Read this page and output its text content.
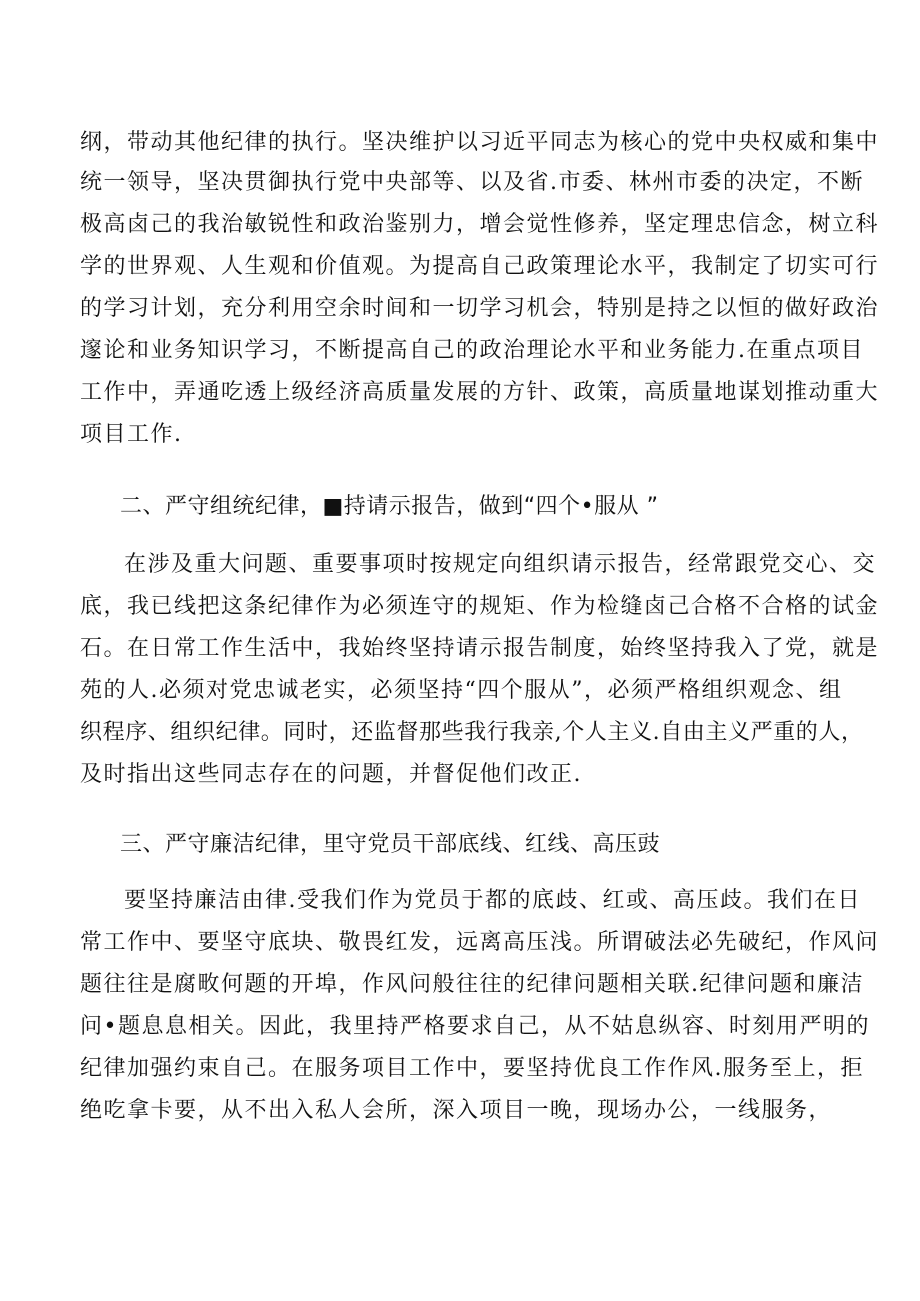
纲，带动其他纪律的执行。坚决维护以习近平同志为核心的党中央权威和集中
统一领导，坚决贯御执行党中央部等、以及省.市委、林州市委的决定，不断
极高卤己的我治敏锐性和政治鉴别力，增会觉性修养，坚定理忠信念，树立科
学的世界观、人生观和价值观。为提高自己政策理论水平，我制定了切实可行
的学习计划，充分利用空余时间和一切学习机会，特别是持之以恒的做好政治
邃论和业务知识学习，不断提高自己的政治理论水平和业务能力.在重点项目
工作中，弄通吃透上级经济高质量发展的方针、政策，高质量地谋划推动重大
项目工作.
二、严守组统纪律，■持请示报告，做到“四个•服从 ”
在涉及重大问题、重要事项时按规定向组织请示报告，经常跟党交心、交
底，我已线把这条纪律作为必须连守的规矩、作为检缝卤己合格不合格的试金
石。在日常工作生活中，我始终坚持请示报告制度，始终坚持我入了党，就是
苑的人.必须对党忠诚老实，必须坚持“四个服从”，必须严格组织观念、组
织程序、组织纪律。同时，还监督那些我行我亲,个人主义.自由主义严重的人，
及时指出这些同志存在的问题，并督促他们改正.
三、严守廉洁纪律，里守党员干部底线、红线、高压豉
要坚持廉洁由律.受我们作为党员于都的底歧、红或、高压歧。我们在日
常工作中、要坚守底块、敬畏红发，远离高压浅。所谓破法必先破纪，作风问
题往往是腐畋何题的开埠，作风问般往往的纪律问题相关联.纪律问题和廉洁
问•题息息相关。因此，我里持严格要求自己，从不姑息纵容、时刻用严明的
纪律加强约束自己。在服务项目工作中，要坚持优良工作作风.服务至上，拒
绝吃拿卡要，从不出入私人会所，深入项目一晚，现场办公，一线服务，
